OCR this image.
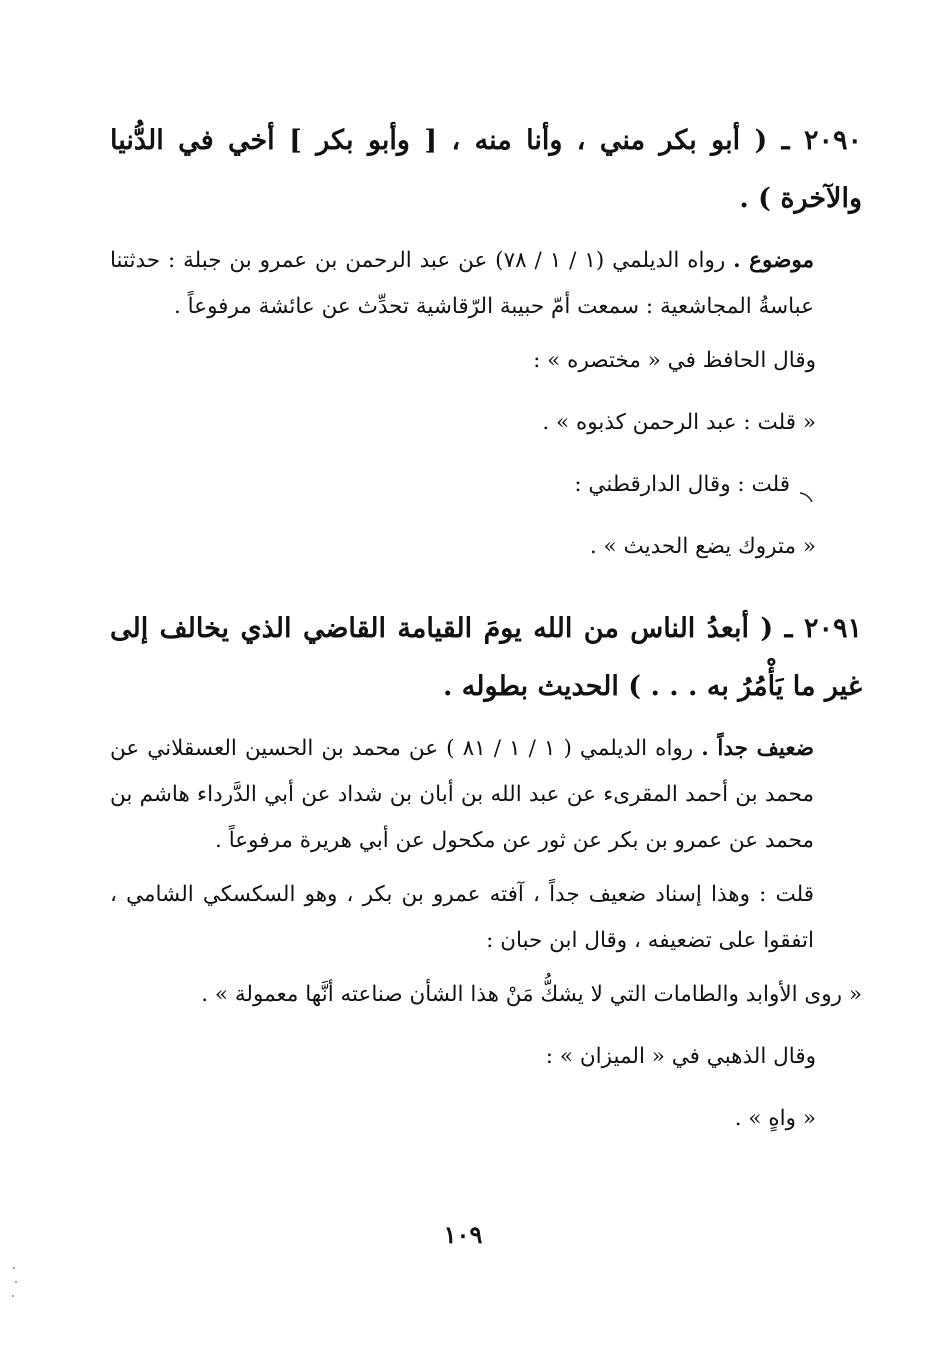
٢٠٩٠ ـ ( أبو بكر مني ، وأنا منه ، [ وأبو بكر ] أخي في الدُّنيا والآخرة ) .

موضوع . رواه الديلمي (١ / ١ / ٧٨) عن عبد الرحمن بن عمرو بن جبلة : حدثتنا عباسةُ المجاشعية : سمعت أمّ حبيبة الرّقاشية تحدِّث عن عائشة مرفوعاً .

وقال الحافظ في « مختصره » :

« قلت : عبد الرحمن كذبوه » .

قلت : وقال الدارقطني :

« متروك يضع الحديث » .

٢٠٩١ ـ ( أبعدُ الناس من الله يومَ القيامة القاضي الذي يخالف إلى غير ما يَأْمُرُ به . . . ) الحديث بطوله .

ضعيف جداً . رواه الديلمي ( ١ / ١ / ٨١ ) عن محمد بن الحسين العسقلاني عن محمد بن أحمد المقرىء عن عبد الله بن أبان بن شداد عن أبي الدَّرداء هاشم بن محمد عن عمرو بن بكر عن ثور عن مكحول عن أبي هريرة مرفوعاً .

قلت : وهذا إسناد ضعيف جداً ، آفته عمرو بن بكر ، وهو السكسكي الشامي ، اتفقوا على تضعيفه ، وقال ابن حبان :

« روى الأوابد والطامات التي لا يشكُّ مَنْ هذا الشأن صناعته أنَّها معمولة » .

وقال الذهبي في « الميزان » :

« واهٍ » .

١٠٩
